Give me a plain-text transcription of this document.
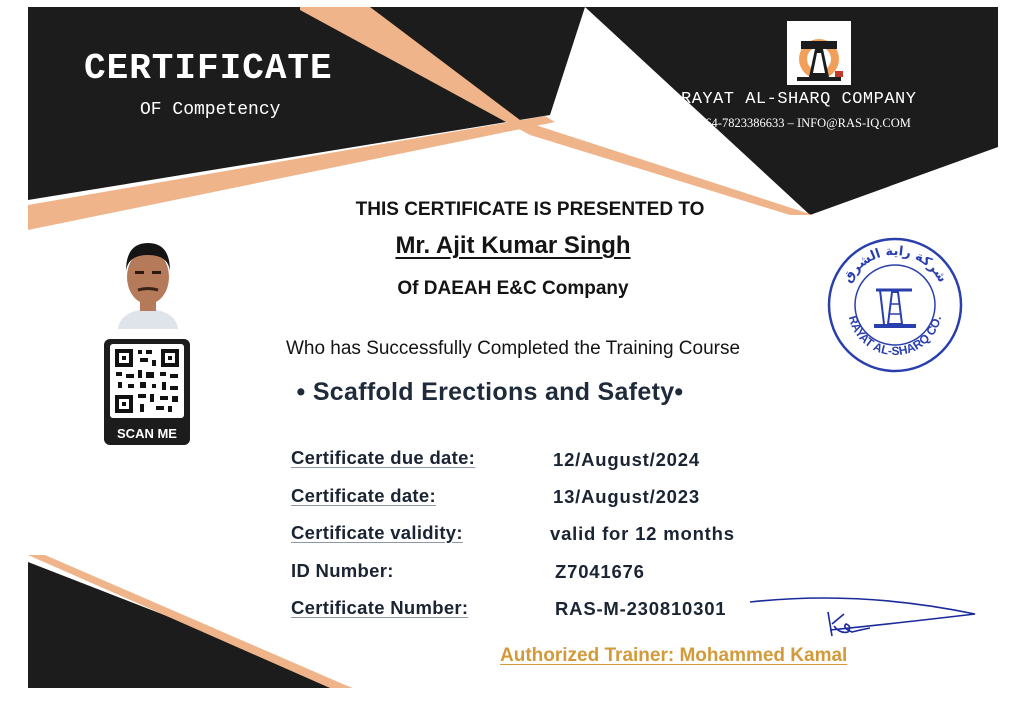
CERTIFICATE
OF Competency
RAYAT AL-SHARQ COMPANY
+964-7823386633 – INFO@RAS-IQ.COM
SCAN ME
THIS CERTIFICATE IS PRESENTED TO
Mr. Ajit Kumar Singh
Of DAEAH E&C Company
Who has Successfully Completed the Training Course
• Scaffold Erections and Safety•
Certificate due date:	12/August/2024
Certificate date:	13/August/2023
Certificate validity:	valid for 12 months
ID Number:	Z7041676
Certificate Number:	RAS-M-230810301
شركة راية الشرق
RAYAT AL-SHARQ CO.
Authorized Trainer: Mohammed Kamal
